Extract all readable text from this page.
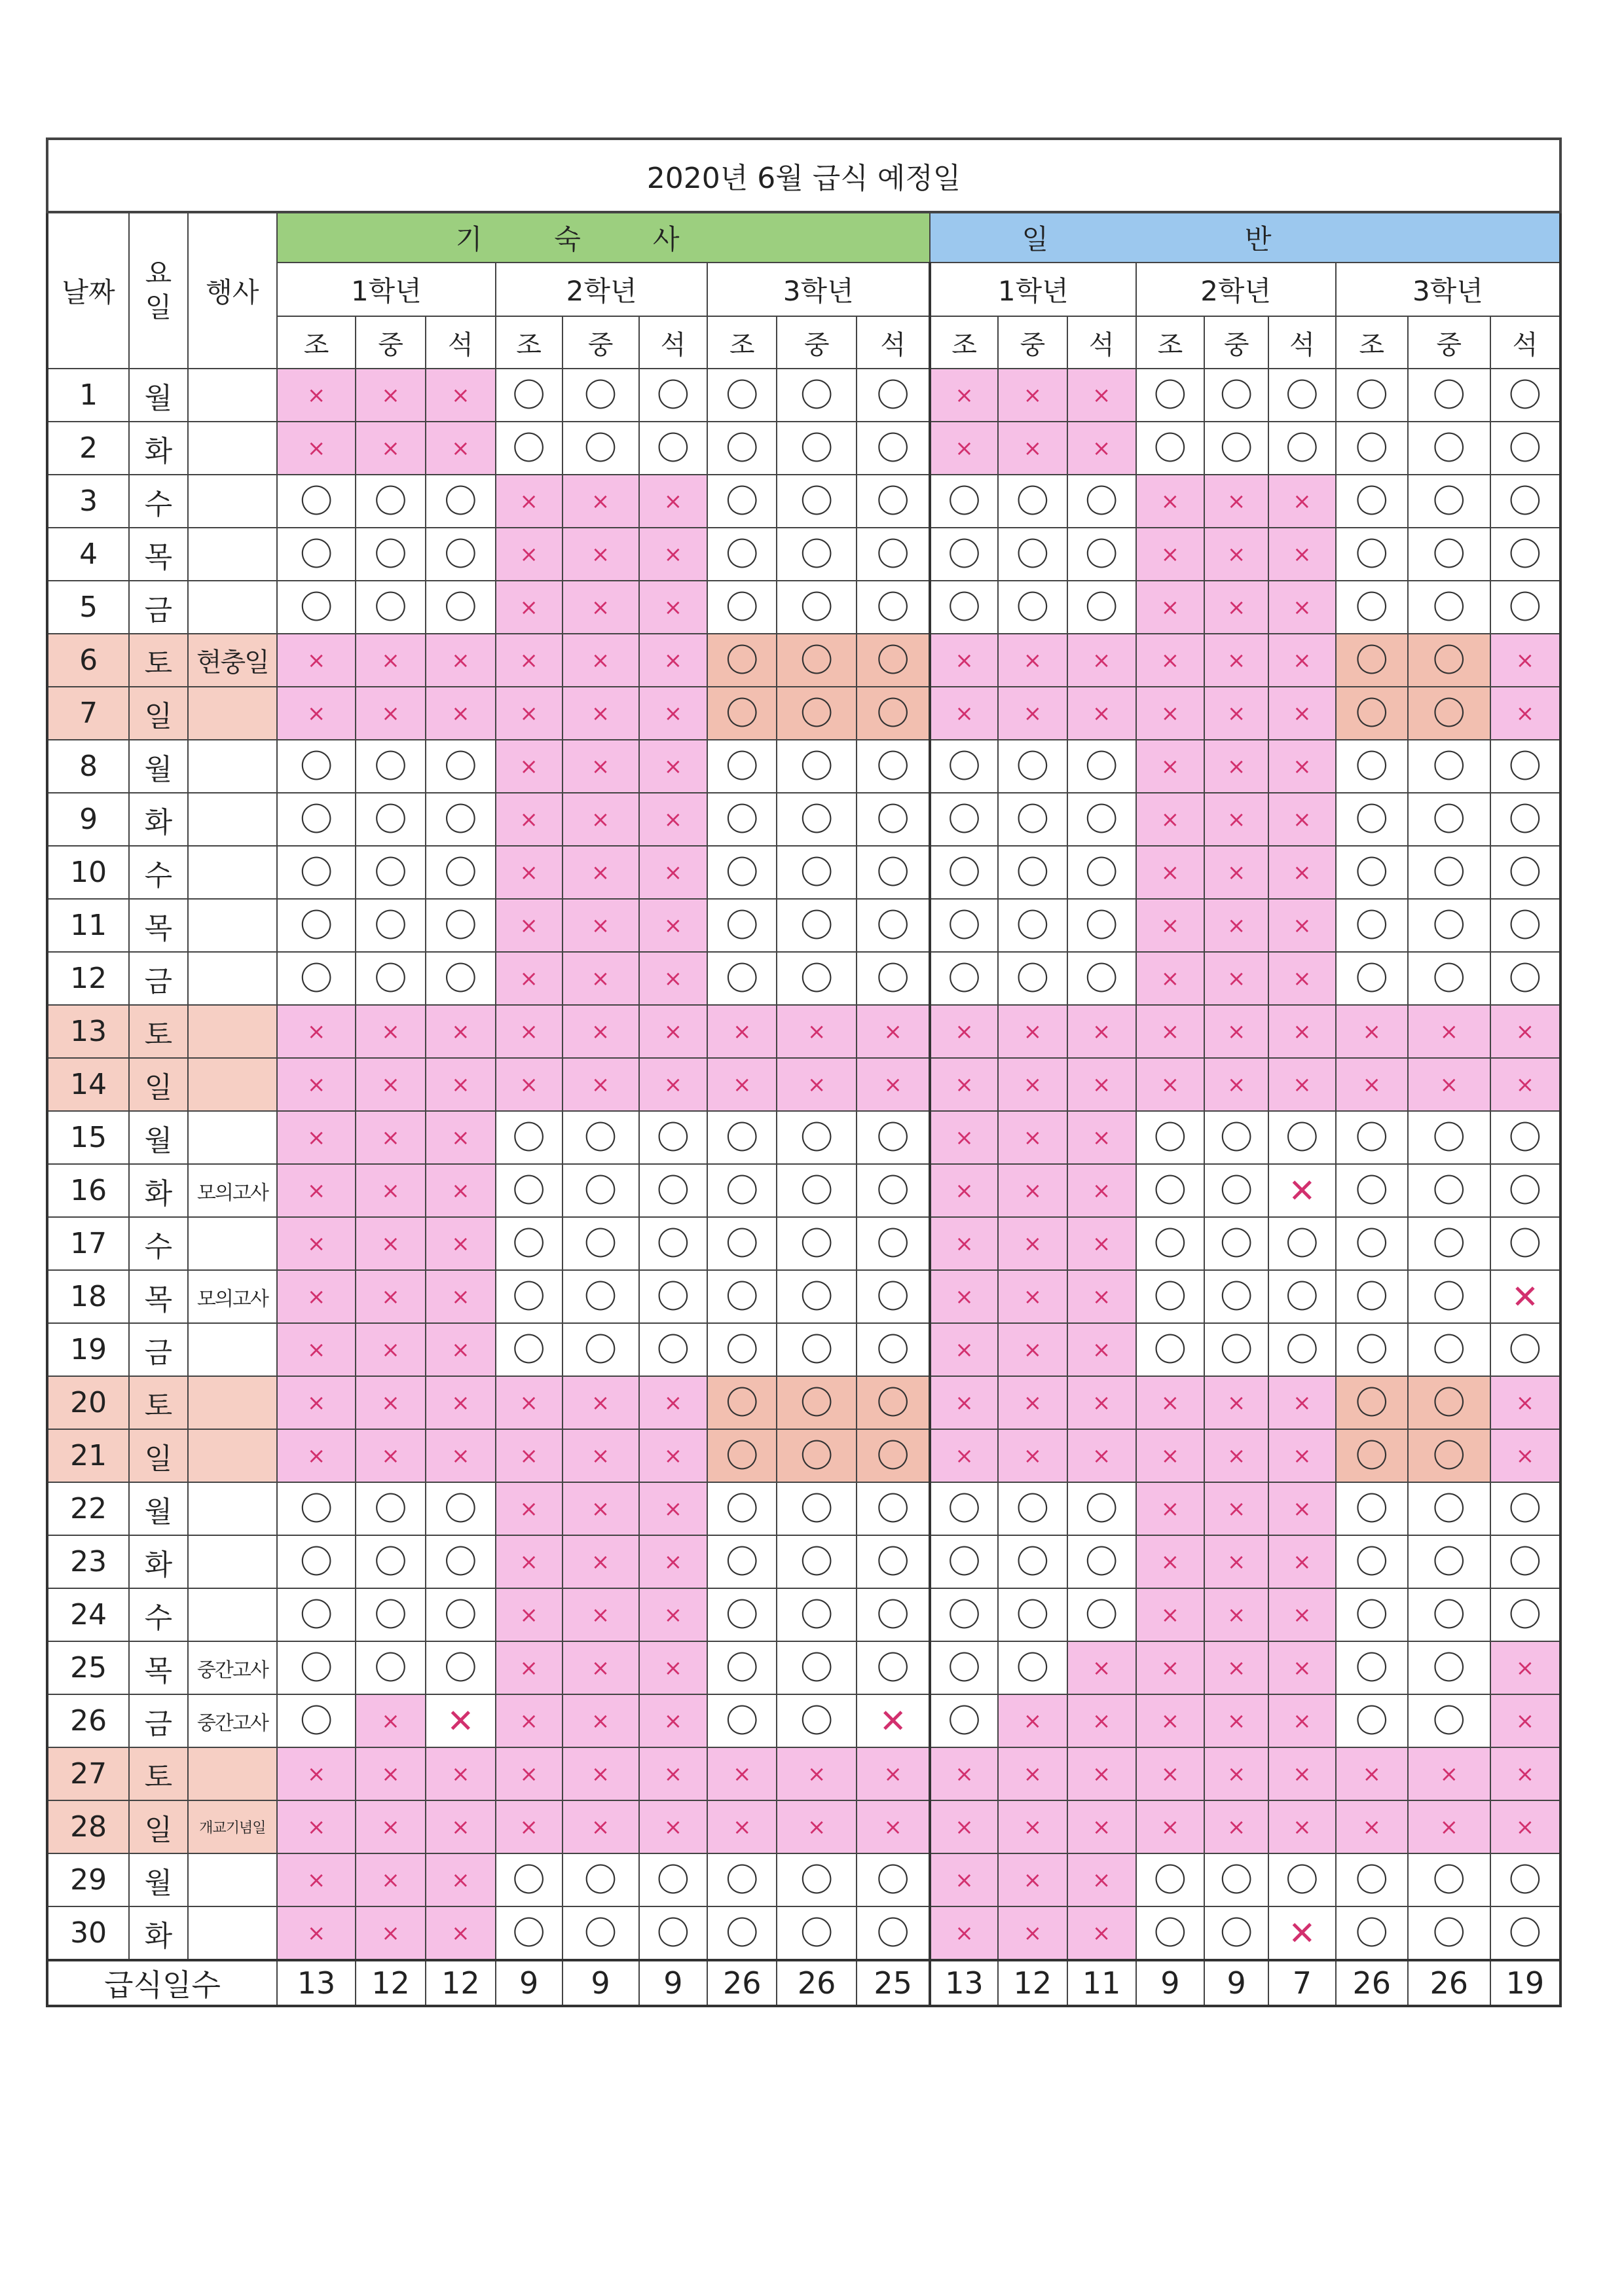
2020년 6월 급식 예정일																				
날짜	요
일	행사	기숙사									일반								
			1학년			2학년			3학년			1학년			2학년			3학년		
			조	중	석	조	중	석	조	중	석	조	중	석	조	중	석	조	중	석
1	월		×	×	×	〇	〇	〇	〇	〇	〇	×	×	×	〇	〇	〇	〇	〇	〇
2	화		×	×	×	〇	〇	〇	〇	〇	〇	×	×	×	〇	〇	〇	〇	〇	〇
3	수		〇	〇	〇	×	×	×	〇	〇	〇	〇	〇	〇	×	×	×	〇	〇	〇
4	목		〇	〇	〇	×	×	×	〇	〇	〇	〇	〇	〇	×	×	×	〇	〇	〇
5	금		〇	〇	〇	×	×	×	〇	〇	〇	〇	〇	〇	×	×	×	〇	〇	〇
6	토	현충일	×	×	×	×	×	×	〇	〇	〇	×	×	×	×	×	×	〇	〇	×
7	일		×	×	×	×	×	×	〇	〇	〇	×	×	×	×	×	×	〇	〇	×
8	월		〇	〇	〇	×	×	×	〇	〇	〇	〇	〇	〇	×	×	×	〇	〇	〇
9	화		〇	〇	〇	×	×	×	〇	〇	〇	〇	〇	〇	×	×	×	〇	〇	〇
10	수		〇	〇	〇	×	×	×	〇	〇	〇	〇	〇	〇	×	×	×	〇	〇	〇
11	목		〇	〇	〇	×	×	×	〇	〇	〇	〇	〇	〇	×	×	×	〇	〇	〇
12	금		〇	〇	〇	×	×	×	〇	〇	〇	〇	〇	〇	×	×	×	〇	〇	〇
13	토		×	×	×	×	×	×	×	×	×	×	×	×	×	×	×	×	×	×
14	일		×	×	×	×	×	×	×	×	×	×	×	×	×	×	×	×	×	×
15	월		×	×	×	〇	〇	〇	〇	〇	〇	×	×	×	〇	〇	〇	〇	〇	〇
16	화	모의고사	×	×	×	〇	〇	〇	〇	〇	〇	×	×	×	〇	〇	✕	〇	〇	〇
17	수		×	×	×	〇	〇	〇	〇	〇	〇	×	×	×	〇	〇	〇	〇	〇	〇
18	목	모의고사	×	×	×	〇	〇	〇	〇	〇	〇	×	×	×	〇	〇	〇	〇	〇	✕
19	금		×	×	×	〇	〇	〇	〇	〇	〇	×	×	×	〇	〇	〇	〇	〇	〇
20	토		×	×	×	×	×	×	〇	〇	〇	×	×	×	×	×	×	〇	〇	×
21	일		×	×	×	×	×	×	〇	〇	〇	×	×	×	×	×	×	〇	〇	×
22	월		〇	〇	〇	×	×	×	〇	〇	〇	〇	〇	〇	×	×	×	〇	〇	〇
23	화		〇	〇	〇	×	×	×	〇	〇	〇	〇	〇	〇	×	×	×	〇	〇	〇
24	수		〇	〇	〇	×	×	×	〇	〇	〇	〇	〇	〇	×	×	×	〇	〇	〇
25	목	중간고사	〇	〇	〇	×	×	×	〇	〇	〇	〇	〇	×	×	×	×	〇	〇	×
26	금	중간고사	〇	×	✕	×	×	×	〇	〇	✕	〇	×	×	×	×	×	〇	〇	×
27	토		×	×	×	×	×	×	×	×	×	×	×	×	×	×	×	×	×	×
28	일	개교기념일	×	×	×	×	×	×	×	×	×	×	×	×	×	×	×	×	×	×
29	월		×	×	×	〇	〇	〇	〇	〇	〇	×	×	×	〇	〇	〇	〇	〇	〇
30	화		×	×	×	〇	〇	〇	〇	〇	〇	×	×	×	〇	〇	✕	〇	〇	〇
급식일수			13	12	12	9	9	9	26	26	25	13	12	11	9	9	7	26	26	19
